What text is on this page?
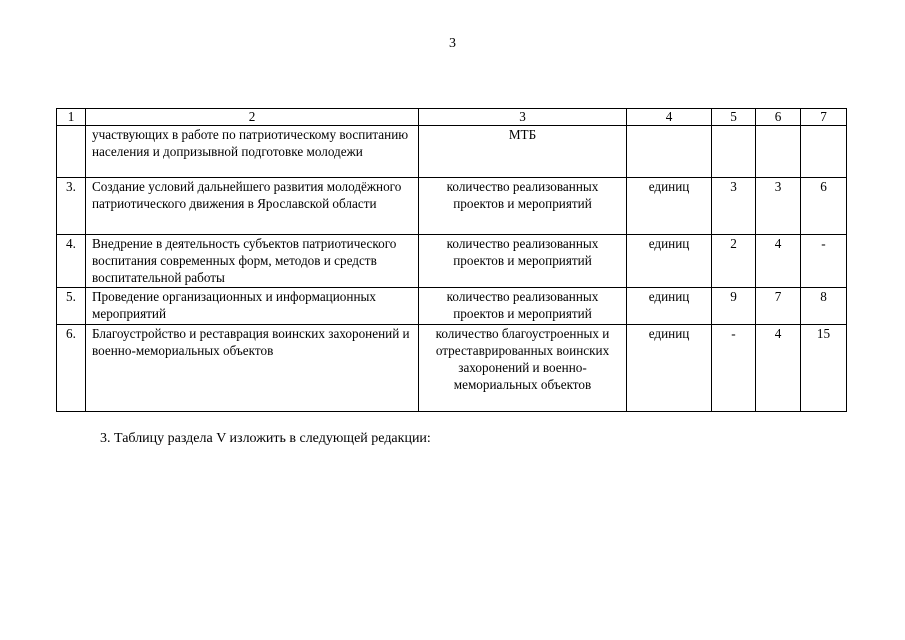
3
1	2	3	4	5	6	7
	участвующих в работе по патриотическому воспитанию населения и допризывной подготовке молодежи	МТБ				
3.	Создание условий дальнейшего развития молодёжного патриотического движения в Ярославской области	количество реализованных проектов и мероприятий	единиц	3	3	6
4.	Внедрение в деятельность субъектов патриотического воспитания современных форм, методов и средств воспитательной работы	количество реализованных проектов и мероприятий	единиц	2	4	-
5.	Проведение организационных и информационных мероприятий	количество реализованных проектов и мероприятий	единиц	9	7	8
6.	Благоустройство и реставрация воинских захоронений и военно-мемориальных объектов	количество благоустроенных и отреставрированных воинских захоронений и военно-мемориальных объектов	единиц	-	4	15
3. Таблицу раздела V изложить в следующей редакции:
